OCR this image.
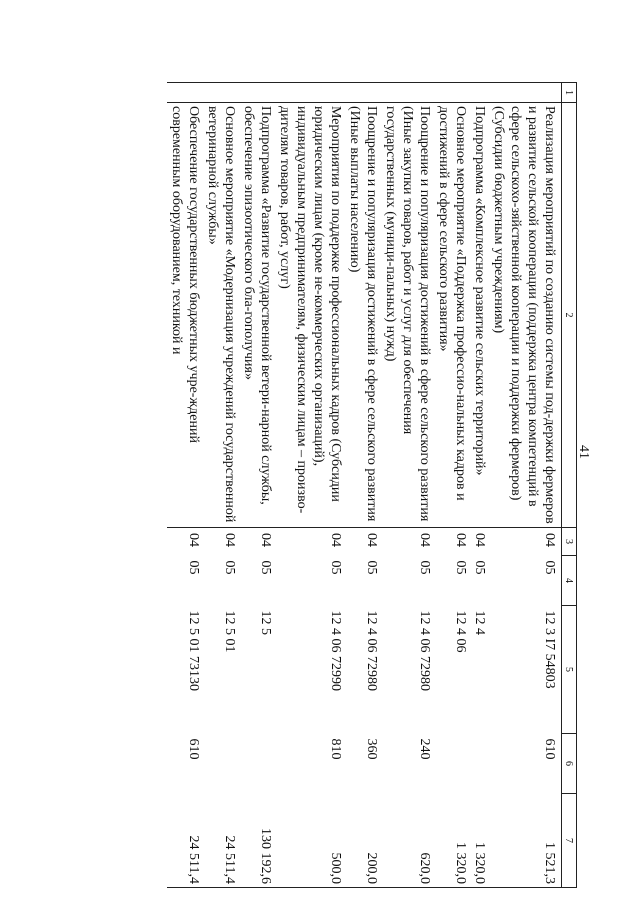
41
1	2	3	4	5	6	7
	Реализация мероприятий по созданию системы под-держки фермеров и развитие сельской кооперации (поддержка центра компетенций в сфере сельскохо-зяйственной кооперации и поддержки фермеров) (Субсидии бюджетным учреждениям)	04	05	12 3 I7 54803	610	1 521,3
	Подпрограмма «Комплексное развитие сельских территорий»	04	05	12 4		1 320,0
	Основное мероприятие «Поддержка профессио-нальных кадров и достижений в сфере сельского развития»	04	05	12 4 06		1 320,0
	Поощрение и популяризация достижений в сфере сельского развития (Иные закупки товаров, работ и услуг для обеспечения государственных (муници-пальных) нужд)	04	05	12 4 06 72980	240	620,0
	Поощрение и популяризация достижений в сфере сельского развития (Иные выплаты населению)	04	05	12 4 06 72980	360	200,0
	Мероприятия по поддержке профессиональных кадров (Субсидии юридическим лицам (кроме не-коммерческих организаций), индивидуальным предпринимателям, физическим лицам – произво-дителям товаров, работ, услуг)	04	05	12 4 06 72990	810	500,0
	Подпрограмма «Развитие государственной ветери-нарной службы, обеспечение эпизоотического бла-гополучия»	04	05	12 5		130 192,6
	Основное мероприятие «Модернизация учреждений государственной ветеринарной службы»	04	05	12 5 01		24 511,4
	Обеспечение государственных бюджетных учре-ждений современным оборудованием, техникой и	04	05	12 5 01 73130	610	24 511,4
